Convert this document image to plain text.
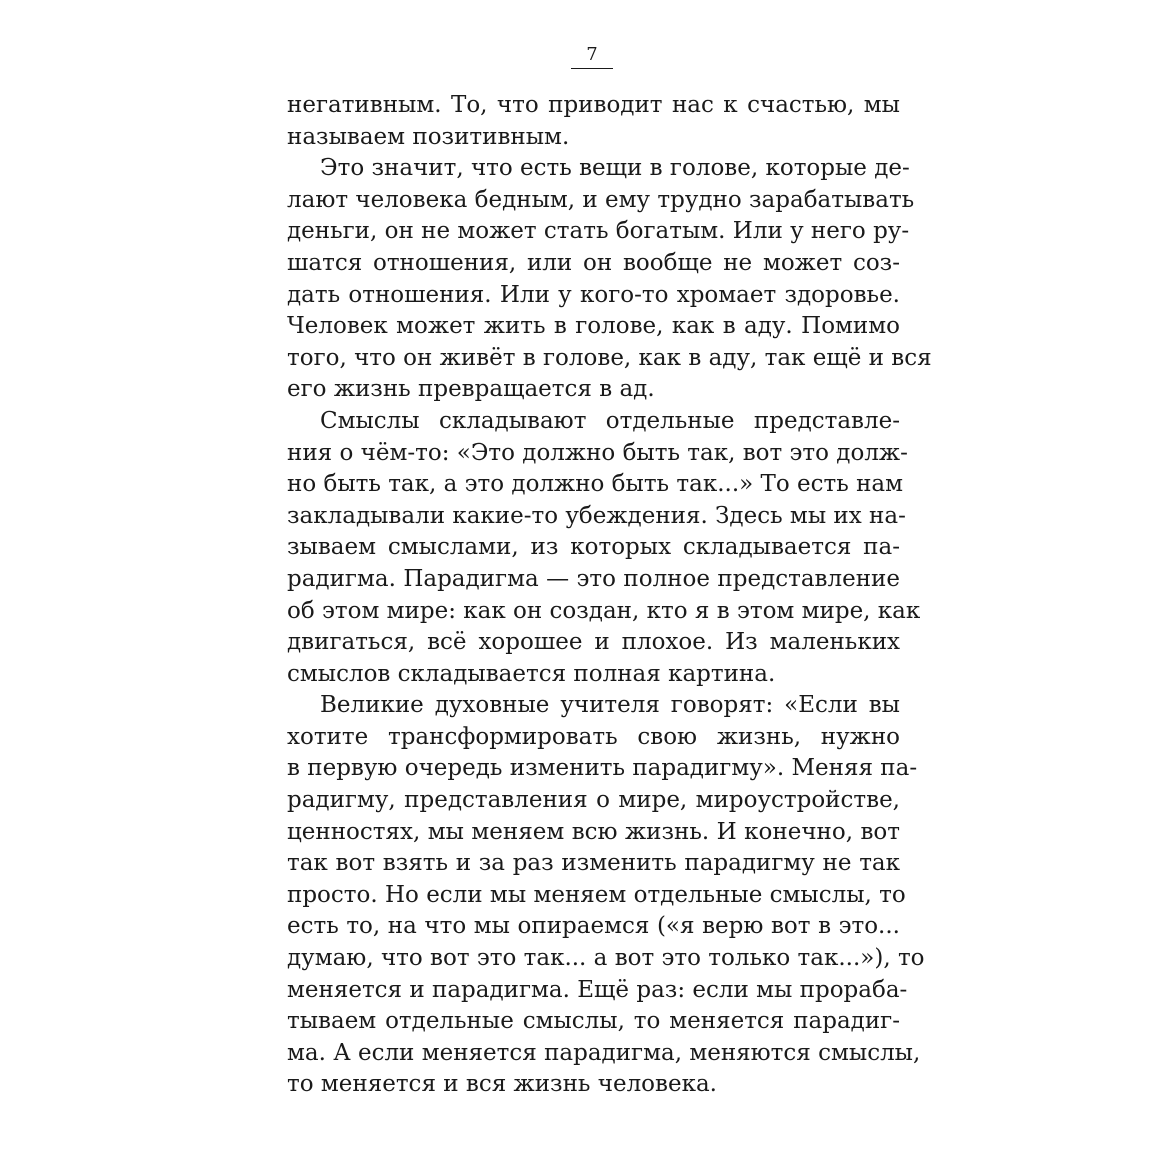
7
негативным. То, что приводит нас к счастью, мы
называем позитивным.
Это значит, что есть вещи в голове, которые де-
лают человека бедным, и ему трудно зарабатывать
деньги, он не может стать богатым. Или у него ру-
шатся отношения, или он вообще не может соз-
дать отношения. Или у кого-то хромает здоровье.
Человек может жить в голове, как в аду. Помимо
того, что он живёт в голове, как в аду, так ещё и вся
его жизнь превращается в ад.
Смыслы складывают отдельные представле-
ния о чём-то: «Это должно быть так, вот это долж-
но быть так, а это должно быть так...» То есть нам
закладывали какие-то убеждения. Здесь мы их на-
зываем смыслами, из которых складывается па-
радигма. Парадигма — это полное представление
об этом мире: как он создан, кто я в этом мире, как
двигаться, всё хорошее и плохое. Из маленьких
смыслов складывается полная картина.
Великие духовные учителя говорят: «Если вы
хотите трансформировать свою жизнь, нужно
в первую очередь изменить парадигму». Меняя па-
радигму, представления о мире, мироустройстве,
ценностях, мы меняем всю жизнь. И конечно, вот
так вот взять и за раз изменить парадигму не так
просто. Но если мы меняем отдельные смыслы, то
есть то, на что мы опираемся («я верю вот в это...
думаю, что вот это так... а вот это только так...»), то
меняется и парадигма. Ещё раз: если мы прораба-
тываем отдельные смыслы, то меняется парадиг-
ма. А если меняется парадигма, меняются смыслы,
то меняется и вся жизнь человека.
